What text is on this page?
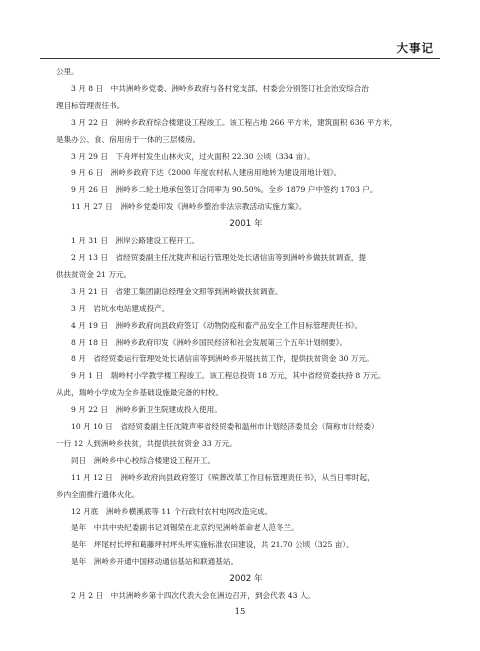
大事记
公里。
3 月 8 日　中共洲岭乡党委、洲岭乡政府与各村党支部、村委会分别签订社会治安综合治
理目标管理责任书。
3 月 22 日　洲岭乡政府综合楼建设工程竣工。该工程占地 266 平方米，建筑面积 636 平方米，
是集办公、食、宿用房于一体的三层楼房。
3 月 29 日　下舟坪村发生山林火灾，过火面积 22.30 公顷（334 亩）。
9 月 6 日　洲岭乡政府下达《2000 年度农村私人建房用地转为建设用地计划》。
9 月 26 日　洲岭乡二轮土地承包签订合同率为 90.50%。全乡 1879 户中签约 1703 户。
11 月 27 日　洲岭乡党委印发《洲岭乡整治非法宗教活动实施方案》。
2001 年
1 月 31 日　洲岸公路建设工程开工。
2 月 13 日　省经贸委副主任沈陇声和运行管理处处长诸信宙等到洲岭乡做扶贫调查，提
供扶贫资金 21 万元。
3 月 21 日　省建工集团副总经理金文照等到洲岭做扶贫调查。
3 月　岩坑水电站建成投产。
4 月 19 日　洲岭乡政府向县政府签订《动物防疫和畜产品安全工作目标管理责任书》。
8 月 18 日　洲岭乡政府印发《洲岭乡国民经济和社会发展第三个五年计划纲要》。
8 月　省经贸委运行管理处处长诸信宙等到洲岭乡开展扶贫工作，提供扶贫资金 30 万元。
9 月 1 日　瑞岭村小学教学楼工程竣工。该工程总投资 18 万元，其中省经贸委扶持 8 万元。
从此，瑞岭小学成为全乡基础设施最完备的村校。
9 月 22 日　洲岭乡新卫生院建成投入使用。
10 月 10 日　省经贸委副主任沈陇声率省经贸委和温州市计划经济委员会（简称市计经委）
一行 12 人到洲岭乡扶贫，共提供扶贫资金 33 万元。
同日　洲岭乡中心校综合楼建设工程开工。
11 月 12 日　洲岭乡政府向县政府签订《殡葬改革工作目标管理责任书》，从当日零时起，
乡内全面推行遗体火化。
12 月底　洲岭乡横溪底等 11 个行政村农村电网改造完成。
是年　中共中央纪委副书记刘锡荣在北京约见洲岭革命老人范冬兰。
是年　坪尾村长坪和葛藤坪村坪头坪实施标准农田建设，共 21.70 公顷（325 亩）。
是年　洲岭乡开通中国移动通信基站和联通基站。
2002 年
2 月 2 日　中共洲岭乡第十四次代表大会在洲边召开，到会代表 43 人。
15
